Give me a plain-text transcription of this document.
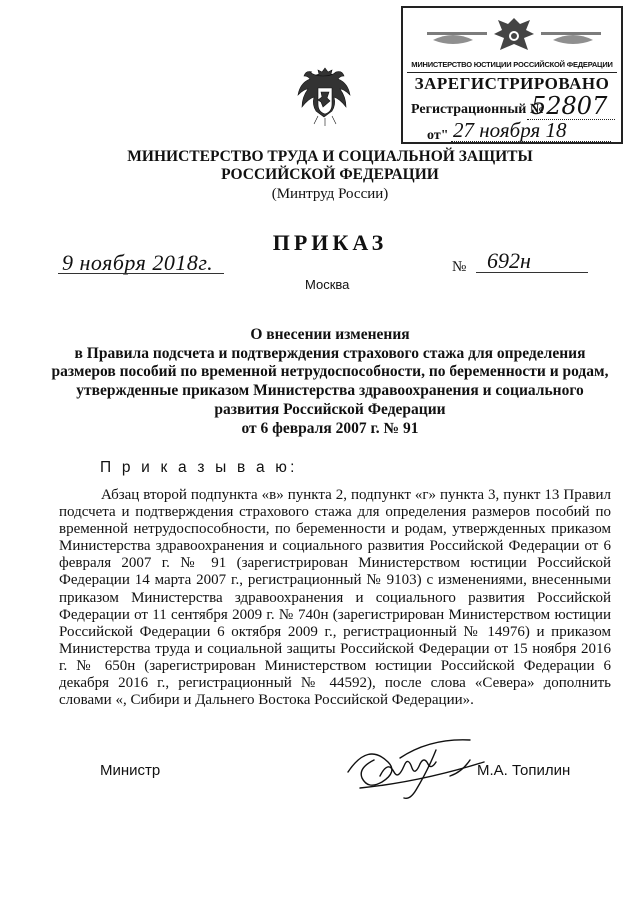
МИНИСТЕРСТВО ЮСТИЦИИ РОССИЙСКОЙ ФЕДЕРАЦИИ
ЗАРЕГИСТРИРОВАНО
Регистрационный №
52807
от" 27 ноября 18
МИНИСТЕРСТВО ТРУДА И СОЦИАЛЬНОЙ ЗАЩИТЫ
РОССИЙСКОЙ ФЕДЕРАЦИИ
(Минтруд России)
ПРИКАЗ
9 ноября 2018г.
Москва
№ 692н
О внесении изменения
в Правила подсчета и подтверждения страхового стажа для определения
размеров пособий по временной нетрудоспособности, по беременности и родам,
утвержденные приказом Министерства здравоохранения и социального
развития Российской Федерации
от 6 февраля 2007 г. № 91
П р и к а з ы в а ю:
Абзац второй подпункта «в» пункта 2, подпункт «г» пункта 3, пункт 13 Правил подсчета и подтверждения страхового стажа для определения размеров пособий по временной нетрудоспособности, по беременности и родам, утвержденных приказом Министерства здравоохранения и социального развития Российской Федерации от 6 февраля 2007 г. № 91 (зарегистрирован Министерством юстиции Российской Федерации 14 марта 2007 г., регистрационный № 9103) с изменениями, внесенными приказом Министерства здравоохранения и социального развития Российской Федерации от 11 сентября 2009 г. № 740н (зарегистрирован Министерством юстиции Российской Федерации 6 октября 2009 г., регистрационный № 14976) и приказом Министерства труда и социальной защиты Российской Федерации от 15 ноября 2016 г. № 650н (зарегистрирован Министерством юстиции Российской Федерации 6 декабря 2016 г., регистрационный № 44592), после слова «Севера» дополнить словами «, Сибири и Дальнего Востока Российской Федерации».
Министр	М.А. Топилин
